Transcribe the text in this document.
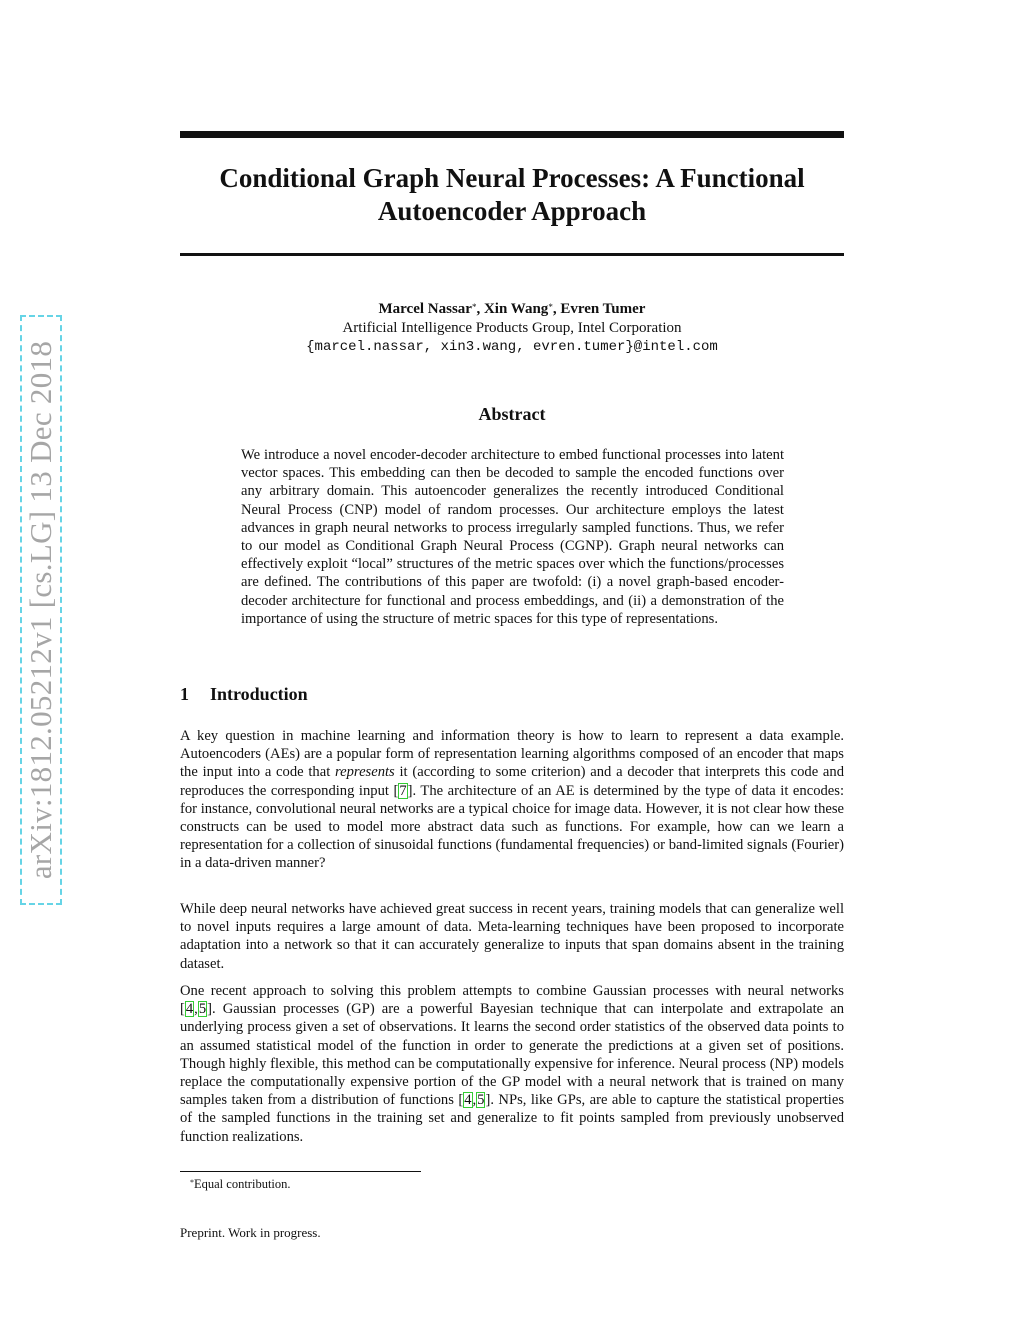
Conditional Graph Neural Processes: A Functional
Autoencoder Approach
Marcel Nassar*, Xin Wang*, Evren Tumer
Artificial Intelligence Products Group, Intel Corporation
{marcel.nassar, xin3.wang, evren.tumer}@intel.com
Abstract

We introduce a novel encoder-decoder architecture to embed functional processes into latent vector spaces. This embedding can then be decoded to sample the encoded functions over any arbitrary domain. This autoencoder generalizes the recently introduced Conditional Neural Process (CNP) model of random processes. Our architecture employs the latest advances in graph neural networks to process irregularly sampled functions. Thus, we refer to our model as Conditional Graph Neural Process (CGNP). Graph neural networks can effectively exploit “local” structures of the metric spaces over which the functions/processes are defined. The contributions of this paper are twofold: (i) a novel graph-based encoder-decoder architecture for functional and process embeddings, and (ii) a demonstration of the importance of using the structure of metric spaces for this type of representations.

1 Introduction

A key question in machine learning and information theory is how to learn to represent a data example. Autoencoders (AEs) are a popular form of representation learning algorithms composed of an encoder that maps the input into a code that represents it (according to some criterion) and a decoder that interprets this code and reproduces the corresponding input [7]. The architecture of an AE is determined by the type of data it encodes: for instance, convolutional neural networks are a typical choice for image data. However, it is not clear how these constructs can be used to model more abstract data such as functions. For example, how can we learn a representation for a collection of sinusoidal functions (fundamental frequencies) or band-limited signals (Fourier) in a data-driven manner?

While deep neural networks have achieved great success in recent years, training models that can generalize well to novel inputs requires a large amount of data. Meta-learning techniques have been proposed to incorporate adaptation into a network so that it can accurately generalize to inputs that span domains absent in the training dataset.

One recent approach to solving this problem attempts to combine Gaussian processes with neural networks [4,5]. Gaussian processes (GP) are a powerful Bayesian technique that can interpolate and extrapolate an underlying process given a set of observations. It learns the second order statistics of the observed data points to an assumed statistical model of the function in order to generate the predictions at a given set of positions. Though highly flexible, this method can be computationally expensive for inference. Neural process (NP) models replace the computationally expensive portion of the GP model with a neural network that is trained on many samples taken from a distribution of functions [4,5]. NPs, like GPs, are able to capture the statistical properties of the sampled functions in the training set and generalize to fit points sampled from previously unobserved function realizations.

*Equal contribution.
Preprint. Work in progress.
arXiv:1812.05212v1 [cs.LG] 13 Dec 2018
